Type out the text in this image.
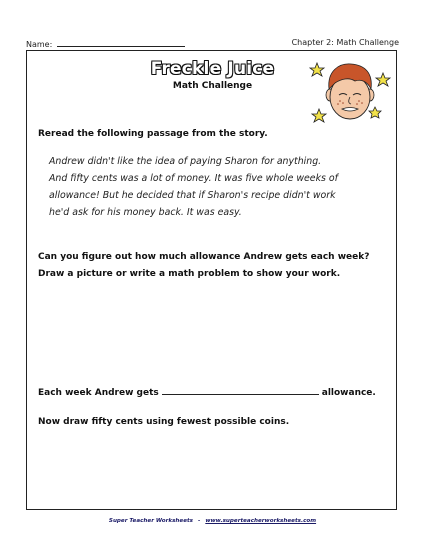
Name:	Chapter 2: Math Challenge
Freckle Juice
Math Challenge
Reread the following passage from the story.
Andrew didn't like the idea of paying Sharon for anything.
And fifty cents was a lot of money. It was five whole weeks of
allowance! But he decided that if Sharon's recipe didn't work
he'd ask for his money back. It was easy.
Can you figure out how much allowance Andrew gets each week?
Draw a picture or write a math problem to show your work.
Each week Andrew gets	allowance.
Now draw fifty cents using fewest possible coins.
Super Teacher Worksheets - www.superteacherworksheets.com
